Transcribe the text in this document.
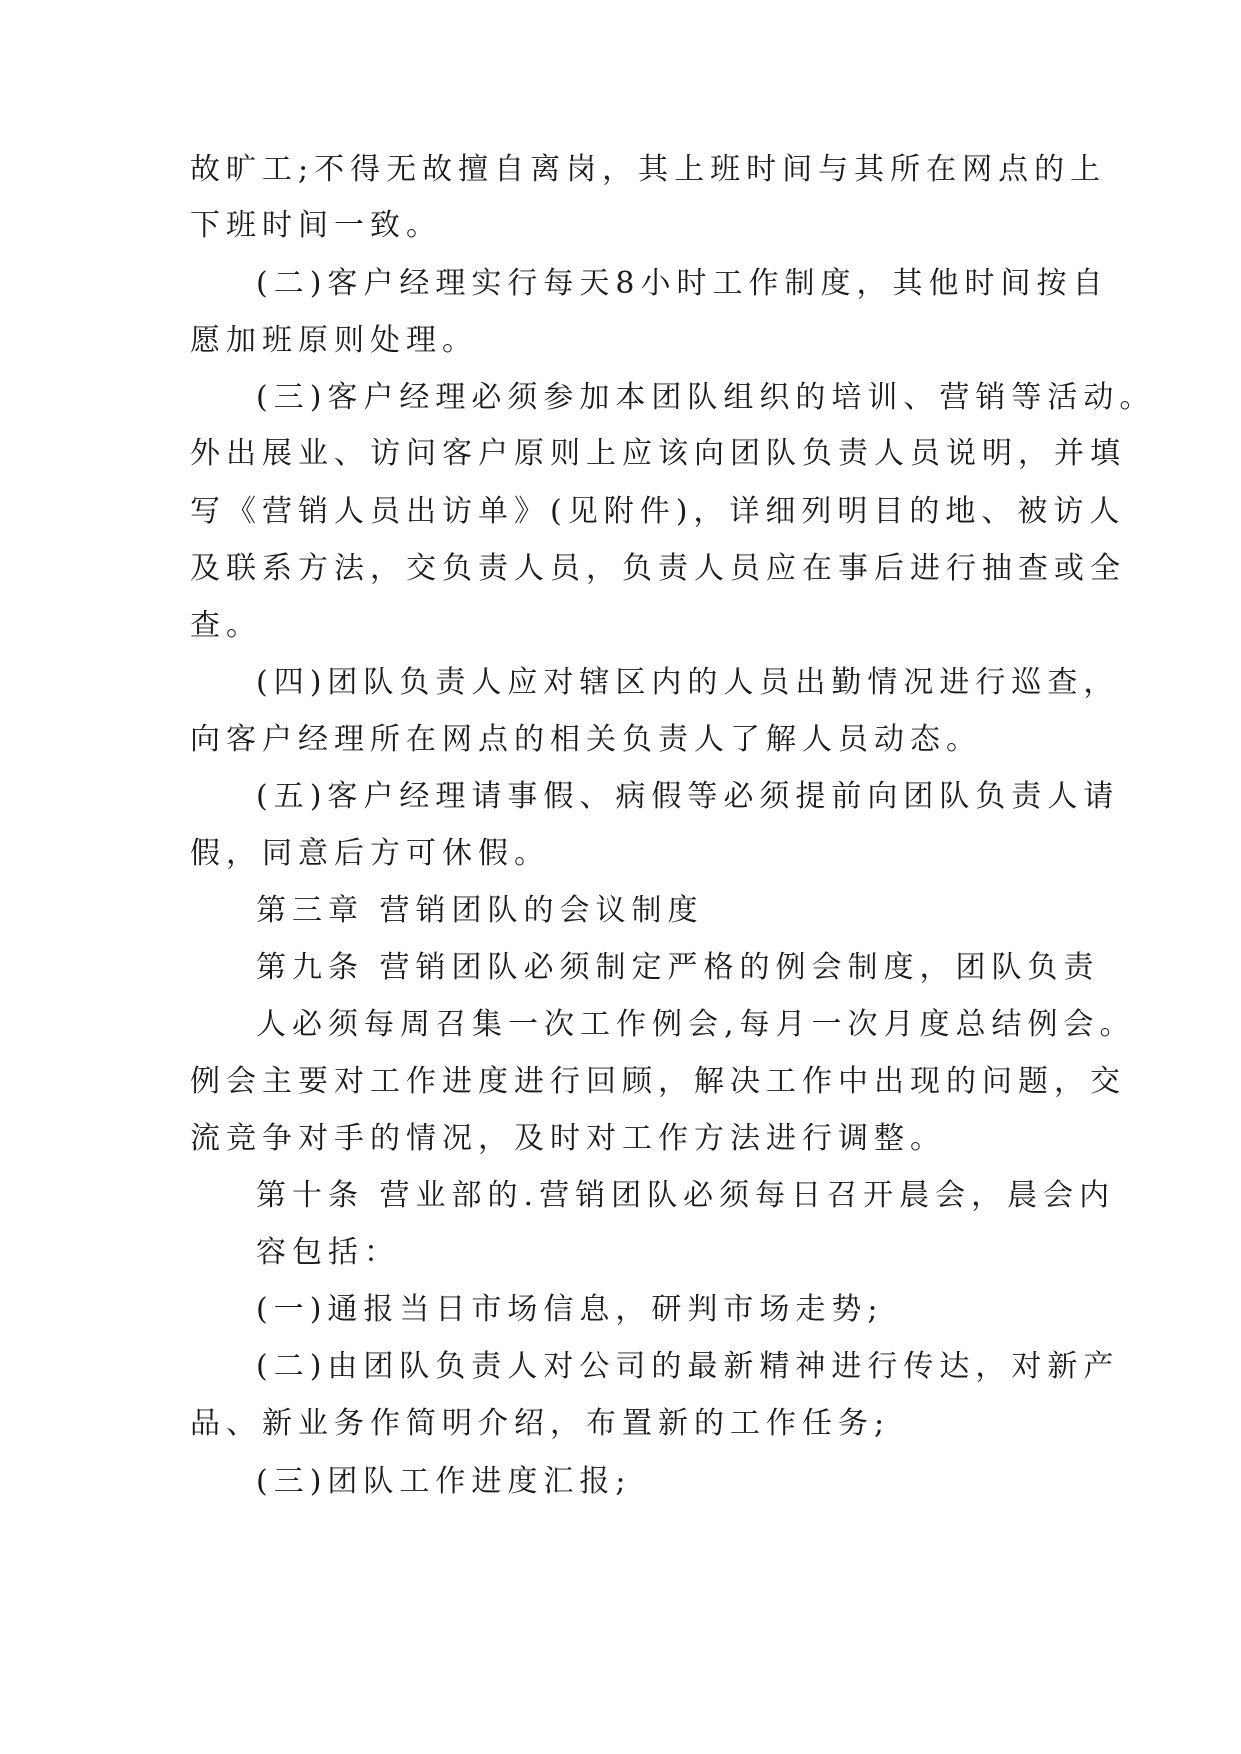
故旷工;不得无故擅自离岗，其上班时间与其所在网点的上
下班时间一致。
(二)客户经理实行每天8小时工作制度，其他时间按自
愿加班原则处理。
(三)客户经理必须参加本团队组织的培训、营销等活动。
外出展业、访问客户原则上应该向团队负责人员说明，并填
写《营销人员出访单》(见附件)，详细列明目的地、被访人
及联系方法，交负责人员，负责人员应在事后进行抽查或全
查。
(四)团队负责人应对辖区内的人员出勤情况进行巡查，
向客户经理所在网点的相关负责人了解人员动态。
(五)客户经理请事假、病假等必须提前向团队负责人请
假，同意后方可休假。
第三章 营销团队的会议制度
第九条 营销团队必须制定严格的例会制度，团队负责
人必须每周召集一次工作例会,每月一次月度总结例会。
例会主要对工作进度进行回顾，解决工作中出现的问题，交
流竞争对手的情况，及时对工作方法进行调整。
第十条 营业部的.营销团队必须每日召开晨会，晨会内
容包括：
(一)通报当日市场信息，研判市场走势;
(二)由团队负责人对公司的最新精神进行传达，对新产
品、新业务作简明介绍，布置新的工作任务;
(三)团队工作进度汇报;
